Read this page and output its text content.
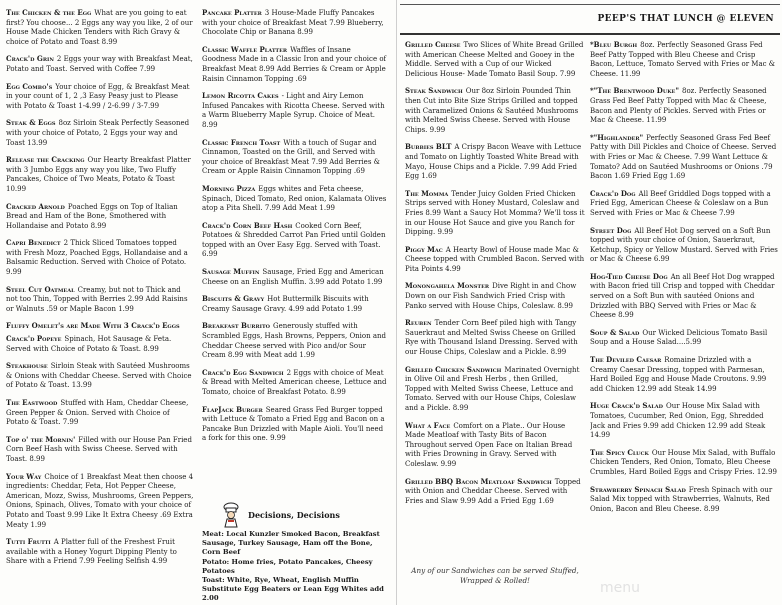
The Chicken & the Egg What are you going to eat first? You choose... 2 Eggs any way you like, 2 of our House Made Chicken Tenders with Rich Gravy & choice of Potato and Toast 8.99
Crack'd Grin 2 Eggs your way with Breakfast Meat, Potato and Toast. Served with Coffee 7.99
Egg Combo's Your choice of Egg, & Breakfast Meat in your count of 1, 2 ,3 Easy Peasy just to Please with Potato & Toast 1-4.99 / 2-6.99 / 3-7.99
Steak & Eggs 8oz Sirloin Steak Perfectly Seasoned with your choice of Potato, 2 Eggs your way and Toast 13.99
Release the Cracking Our Hearty Breakfast Platter with 3 Jumbo Eggs any way you like, Two Fluffy Pancakes, Choice of Two Meats, Potato & Toast 10.99
Cracked Arnold Poached Eggs on Top of Italian Bread and Ham of the Bone, Smothered with Hollandaise and Potato 8.99
Capri Benedict 2 Thick Sliced Tomatoes topped with Fresh Mozz, Poached Eggs, Hollandaise and a Balsamic Reduction. Served with Choice of Potato. 9.99
Steel Cut Oatmeal Creamy, but not to Thick and not too Thin, Topped with Berries 2.99 Add Raisins or Walnuts .59 or Maple Bacon 1.99
Fluffy Omelet's are Made With 3 Crack'd Eggs
Crack'd Popeye Spinach, Hot Sausage & Feta. Served with Choice of Potato & Toast. 8.99
Steakhouse Sirloin Steak with Sautéed Mushrooms & Onions with Cheddar Cheese. Served with Choice of Potato & Toast. 13.99
The Eastwood Stuffed with Ham, Cheddar Cheese, Green Pepper & Onion. Served with Choice of Potato & Toast. 7.99
Top o' the Mornin' Filled with our House Pan Fried Corn Beef Hash with Swiss Cheese. Served with Toast. 8.99
Your Way Choice of 1 Breakfast Meat then choose 4 ingredients: Cheddar, Feta, Hot Pepper Cheese, American, Mozz, Swiss, Mushrooms, Green Peppers, Onions, Spinach, Olives, Tomato with your choice of Potato and Toast 9.99 Like It Extra Cheesy .69 Extra Meaty 1.99
Tutti Frutti A Platter full of the Freshest Fruit available with a Honey Yogurt Dipping Plenty to Share with a Friend 7.99 Feeling Selfish 4.99
Pancake Platter 3 House-Made Fluffy Pancakes with your choice of Breakfast Meat 7.99 Blueberry, Chocolate Chip or Banana 8.99
Classic Waffle Platter Waffles of Insane Goodness Made in a Classic Iron and your choice of Breakfast Meat 8.99 Add Berries & Cream or Apple Raisin Cinnamon Topping .69
Lemon Ricotta Cakes - Light and Airy Lemon Infused Pancakes with Ricotta Cheese. Served with a Warm Blueberry Maple Syrup. Choice of Meat. 8.99
Classic French Toast With a touch of Sugar and Cinnamon, Toasted on the Grill, and Served with your choice of Breakfast Meat 7.99 Add Berries & Cream or Apple Raisin Cinnamon Topping .69
Morning Pizza Eggs whites and Feta cheese, Spinach, Diced Tomato, Red onion, Kalamata Olives atop a Pita Shell. 7.99 Add Meat 1.99
Crack'd Corn Beef Hash Cooked Corn Beef, Potatoes & Shredded Carrot Pan Fried until Golden topped with an Over Easy Egg. Served with Toast. 6.99
Sausage Muffin Sausage, Fried Egg and American Cheese on an English Muffin. 3.99 add Potato 1.99
Biscuits & Gravy Hot Buttermilk Biscuits with Creamy Sausage Gravy. 4.99 add Potato 1.99
Breakfast Burrito Generously stuffed with Scrambled Eggs, Hash Browns, Peppers, Onion and Cheddar Cheese served with Pico and/or Sour Cream 8.99 with Meat add 1.99
Crack'd Egg Sandwich 2 Eggs with choice of Meat & Bread with Melted American cheese, Lettuce and Tomato, choice of Breakfast Potato. 8.99
FlapJack Burger Seared Grass Fed Burger topped with Lettuce & Tomato a Fried Egg and Bacon on a Pancake Bun Drizzled with Maple Aioli. You'll need a fork for this one. 9.99
Decisions, Decisions
Meat: Local Kunzler Smoked Bacon, Breakfast Sausage, Turkey Sausage, Ham off the Bone, Corn Beef
Potato: Home fries, Potato Pancakes, Cheesy Potatoes
Toast: White, Rye, Wheat, English Muffin
Substitute Egg Beaters or Lean Egg Whites add 2.00
PEEP'S THAT LUNCH @ ELEVEN
Grilled Cheese Two Slices of White Bread Grilled with American Cheese Melted and Gooey in the Middle. Served with a Cup of our Wicked Delicious House- Made Tomato Basil Soup. 7.99
Steak Sandwich Our 8oz Sirloin Pounded Thin then Cut into Bite Size Strips Grilled and topped with Caramelized Onions & Sautéed Mushrooms with Melted Swiss Cheese. Served with House Chips. 9.99
Bubbies BLT A Crispy Bacon Weave with Lettuce and Tomato on Lightly Toasted White Bread with Mayo, House Chips and a Pickle. 7.99 Add Fried Egg 1.69
The Momma Tender Juicy Golden Fried Chicken Strips served with Honey Mustard, Coleslaw and Fries 8.99 Want a Saucy Hot Momma? We'll toss it in our House Hot Sauce and give you Ranch for Dipping. 9.99
Piggy Mac A Hearty Bowl of House made Mac & Cheese topped with Crumbled Bacon. Served with Pita Points 4.99
Monongahela Monster Dive Right in and Chow Down on our Fish Sandwich Fried Crisp with Panko served with House Chips, Coleslaw. 8.99
Reuben Tender Corn Beef piled high with Tangy Sauerkraut and Melted Swiss Cheese on Grilled Rye with Thousand Island Dressing. Served with our House Chips, Coleslaw and a Pickle. 8.99
Grilled Chicken Sandwich Marinated Overnight in Olive Oil and Fresh Herbs , then Grilled, Topped with Melted Swiss Cheese, Lettuce and Tomato. Served with our House Chips, Coleslaw and a Pickle. 8.99
What a Face Comfort on a Plate.. Our House Made Meatloaf with Tasty Bits of Bacon Throughout served Open Face on Italian Bread with Fries Drowning in Gravy. Served with Coleslaw. 9.99
Grilled BBQ Bacon Meatloaf Sandwich Topped with Onion and Cheddar Cheese. Served with Fries and Slaw 9.99 Add a Fried Egg 1.69
Any of our Sandwiches can be served Stuffed, Wrapped & Rolled!
*Bleu Burgh 8oz. Perfectly Seasoned Grass Fed Beef Patty Topped with Bleu Cheese and Crisp Bacon, Lettuce, Tomato Served with Fries or Mac & Cheese. 11.99
*"The Brentwood Duke" 8oz. Perfectly Seasoned Grass Fed Beef Patty Topped with Mac & Cheese, Bacon and Plenty of Pickles. Served with Fries or Mac & Cheese. 11.99
*"Highlander" Perfectly Seasoned Grass Fed Beef Patty with Dill Pickles and Choice of Cheese. Served with Fries or Mac & Cheese. 7.99 Want Lettuce & Tomato? Add on Sautéed Mushrooms or Onions .79 Bacon 1.69 Fried Egg 1.69
Crack'd Dog All Beef Griddled Dogs topped with a Fried Egg, American Cheese & Coleslaw on a Bun Served with Fries or Mac & Cheese 7.99
Street Dog All Beef Hot Dog served on a Soft Bun topped with your choice of Onion, Sauerkraut, Ketchup, Spicy or Yellow Mustard. Served with Fries or Mac & Cheese 6.99
Hog-Tied Cheese Dog An all Beef Hot Dog wrapped with Bacon fried till Crisp and topped with Cheddar served on a Soft Bun with sautéed Onions and Drizzled with BBQ Served with Fries or Mac & Cheese 8.99
Soup & Salad Our Wicked Delicious Tomato Basil Soup and a House Salad....5.99
The Deviled Caesar Romaine Drizzled with a Creamy Caesar Dressing, topped with Parmesan, Hard Boiled Egg and House Made Croutons. 9.99 add Chicken 12.99 add Steak 14.99
Huge Crack'd Salad Our House Mix Salad with Tomatoes, Cucumber, Red Onion, Egg, Shredded Jack and Fries 9.99 add Chicken 12.99 add Steak 14.99
The Spicy Cluck Our House Mix Salad, with Buffalo Chicken Tenders, Red Onion, Tomato, Bleu Cheese Crumbles, Hard Boiled Eggs and Crispy Fries. 12.99
Strawberry Spinach Salad Fresh Spinach with our Salad Mix topped with Strawberries, Walnuts, Red Onion, Bacon and Bleu Cheese. 8.99
menu
